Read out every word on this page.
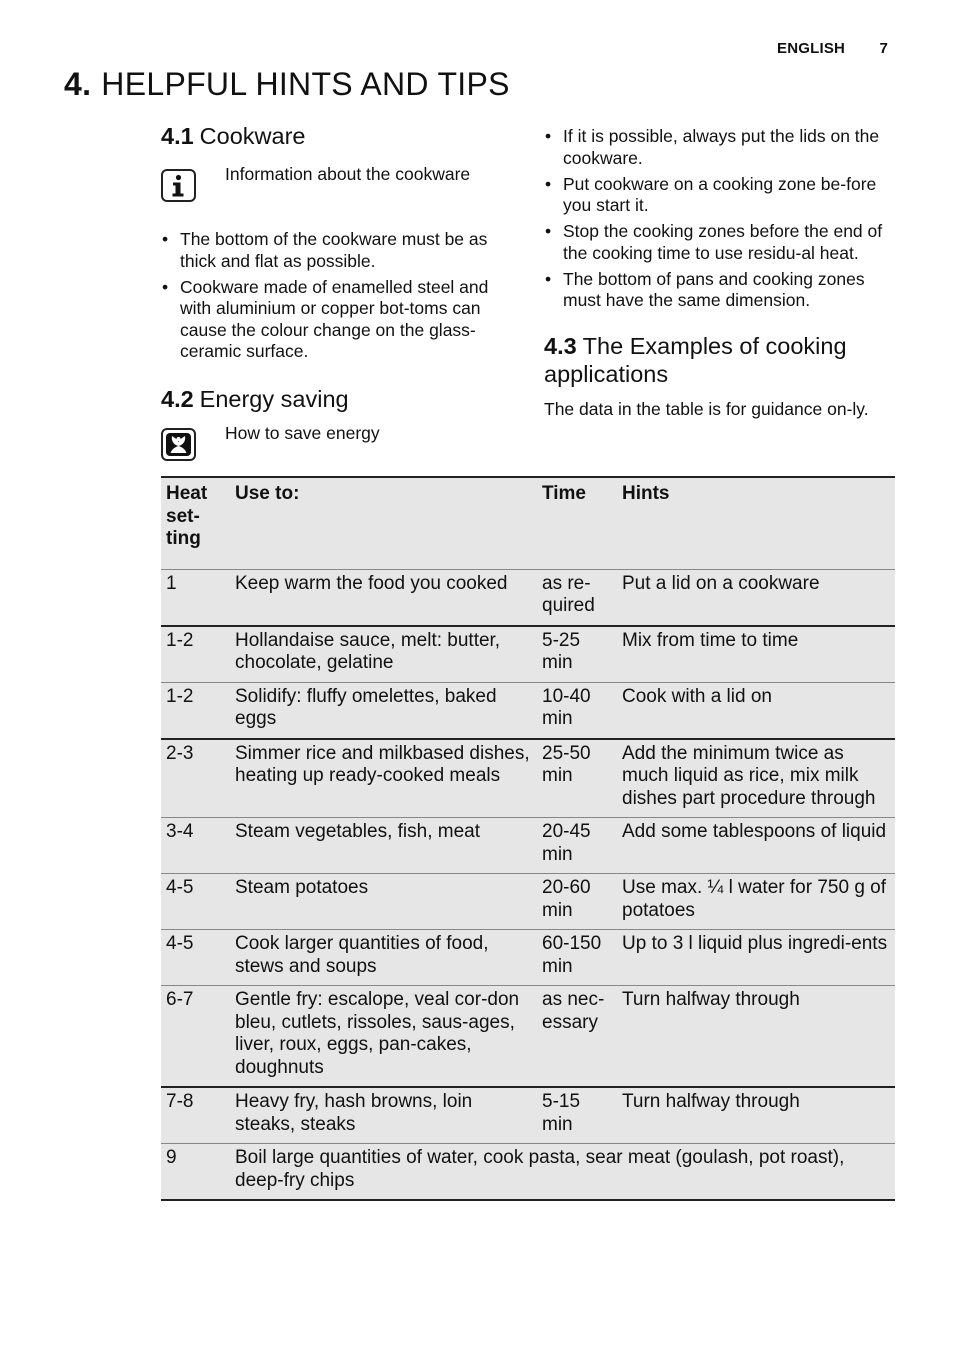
ENGLISH 7
4. HELPFUL HINTS AND TIPS
4.1 Cookware
Information about the cookware
• The bottom of the cookware must be as thick and flat as possible.
• Cookware made of enamelled steel and with aluminium or copper bot-toms can cause the colour change on the glass-ceramic surface.
4.2 Energy saving
How to save energy
• If it is possible, always put the lids on the cookware.
• Put cookware on a cooking zone be-fore you start it.
• Stop the cooking zones before the end of the cooking time to use residu-al heat.
• The bottom of pans and cooking zones must have the same dimension.
4.3 The Examples of cooking applications
The data in the table is for guidance on-ly.
Heat set-ting	Use to:	Time	Hints
1	Keep warm the food you cooked	as re-quired	Put a lid on a cookware
1-2	Hollandaise sauce, melt: butter, chocolate, gelatine	5-25 min	Mix from time to time
1-2	Solidify: fluffy omelettes, baked eggs	10-40 min	Cook with a lid on
2-3	Simmer rice and milkbased dishes, heating up ready-cooked meals	25-50 min	Add the minimum twice as much liquid as rice, mix milk dishes part procedure through
3-4	Steam vegetables, fish, meat	20-45 min	Add some tablespoons of liquid
4-5	Steam potatoes	20-60 min	Use max. ¼ l water for 750 g of potatoes
4-5	Cook larger quantities of food, stews and soups	60-150 min	Up to 3 l liquid plus ingredi-ents
6-7	Gentle fry: escalope, veal cor-don bleu, cutlets, rissoles, saus-ages, liver, roux, eggs, pan-cakes, doughnuts	as nec-essary	Turn halfway through
7-8	Heavy fry, hash browns, loin steaks, steaks	5-15 min	Turn halfway through
9	Boil large quantities of water, cook pasta, sear meat (goulash, pot roast), deep-fry chips		
